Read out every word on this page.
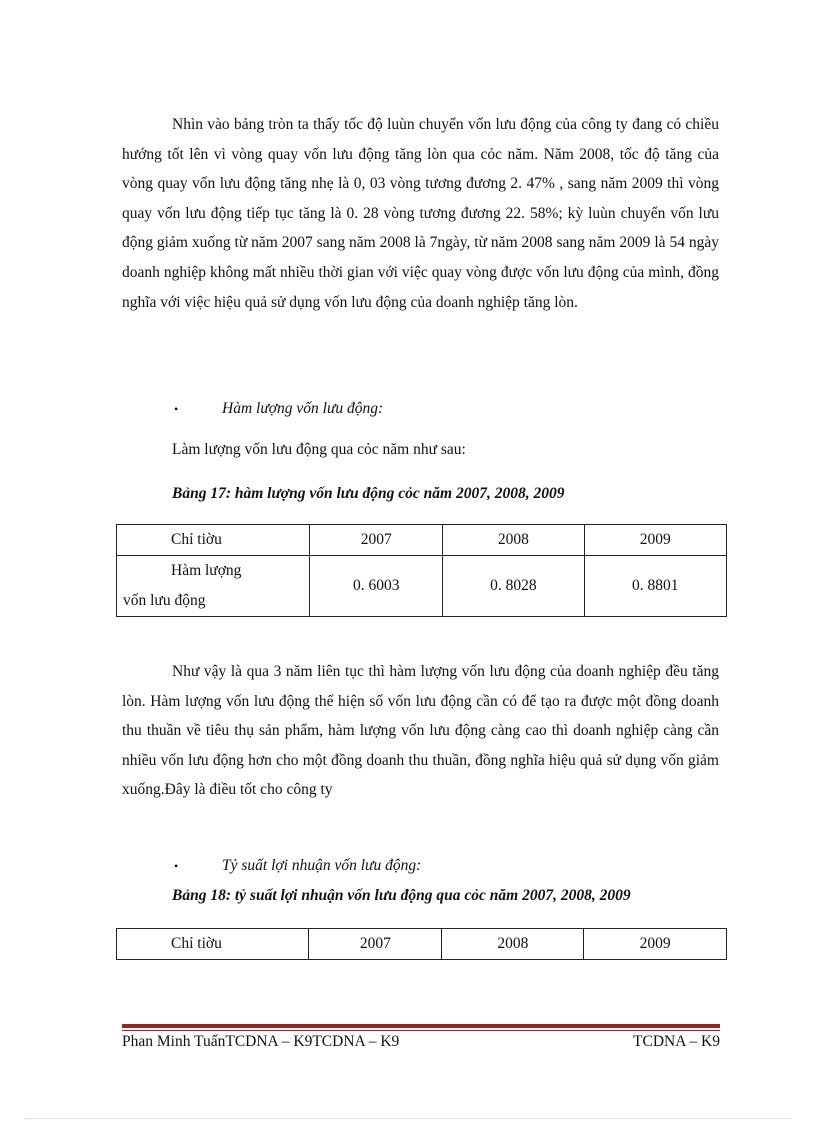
Nhìn vào bảng tròn ta thấy tốc độ luùn chuyển vốn lưu động của công ty đang có chiều hướng tốt lên vì vòng quay vốn lưu động tăng lòn qua cỏc năm. Năm 2008, tốc độ tăng của vòng quay vốn lưu động tăng nhẹ là 0, 03 vòng tương đương 2. 47% , sang năm 2009 thì vòng quay vốn lưu động tiếp tục tăng là 0. 28 vòng tương đương 22. 58%; kỳ luùn chuyển vốn lưu động giảm xuống từ năm 2007 sang năm 2008 là 7ngày, từ năm 2008 sang năm 2009 là 54 ngày doanh nghiệp không mất nhiều thời gian với việc quay vòng được vốn lưu động của mình, đồng nghĩa với việc hiệu quả sử dụng vốn lưu động của doanh nghiệp tăng lòn.

•	Hàm lượng vốn lưu động:
Làm lượng vốn lưu động qua cỏc năm như sau:
Bảng 17: hàm lượng vốn lưu động cỏc năm 2007, 2008, 2009
Chỉ tiờu	2007	2008	2009

Hàm lượng
vốn lưu động	0. 6003	0. 8028	0. 8801

Như vậy là qua 3 năm liên tục thì hàm lượng vốn lưu động của doanh nghiệp đều tăng lòn. Hàm lượng vốn lưu động thể hiện số vốn lưu động cần có để tạo ra được một đồng doanh thu thuần về tiêu thụ sản phẩm, hàm lượng vốn lưu động càng cao thì doanh nghiệp càng cần nhiều vốn lưu động hơn cho một đồng doanh thu thuần, đồng nghĩa hiệu quả sử dụng vốn giảm xuống.Đây là điều tốt cho công ty

•	Tỷ suất lợi nhuận vốn lưu động:
Bảng 18: tỷ suất lợi nhuận vốn lưu động qua cỏc năm 2007, 2008, 2009
Chỉ tiờu	2007	2008	2009
Phan Minh TuấnTCDNA – K9TCDNA – K9	TCDNA – K9
